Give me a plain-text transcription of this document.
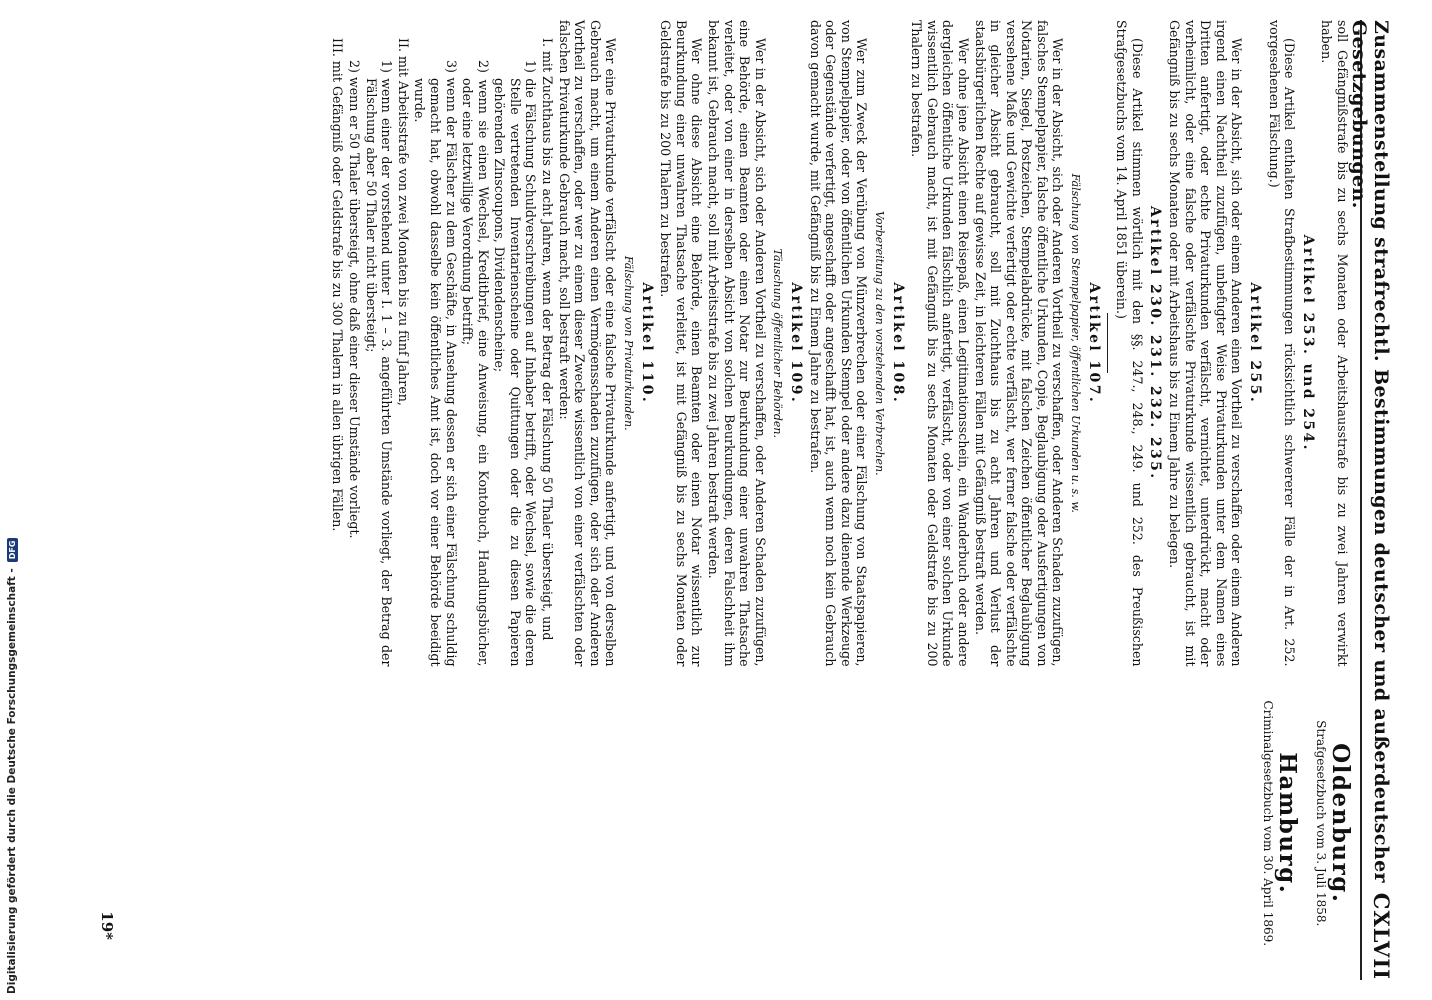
Digitalisierung gefördert durch die Deutsche Forschungsgemeinschaft -
DFG	Zusammenstellung strafrechtl. Bestimmungen deutscher und außerdeutscher Gesetzgebungen.
CXLVII

soll Gefängnißstrafe bis zu sechs Monaten oder Arbeitshausstrafe bis zu zwei Jahren verwirkt haben.

Artikel 253. und 254.

(Diese Artikel enthalten Strafbestimmungen rücksichtlich schwererer Fälle der in Art. 252. vorgesehenen Fälschung.)

Artikel 255.

Wer in der Absicht, sich oder einem Anderen einen Vortheil zu verschaffen oder einem Anderen irgend einen Nachtheil zuzufügen, unbefugter Weise Privaturkunden unter dem Namen eines Dritten anfertigt, oder echte Privaturkunden verfälscht, vernichtet, unterdrückt, macht oder verheimlicht, oder eine falsche oder verfälschte Privaturkunde wissentlich gebraucht, ist mit Gefängniß bis zu sechs Monaten oder mit Arbeitshaus bis zu Einem Jahre zu belegen.

Artikel 230. 231. 232. 235.

(Diese Artikel stimmen wörtlich mit den §§. 247., 248., 249. und 252. des Preußischen Strafgesetzbuchs vom 14. April 1851 überein.)

Artikel 107.

Fälschung von Stempelpapier, öffentlichen Urkunden u. s. w.

Wer in der Absicht, sich oder Anderen Vortheil zu verschaffen, oder Anderen Schaden zuzufügen, falsches Stempelpapier, falsche öffentliche Urkunden, Copie, Beglaubigung oder Ausfertigungen von Notarien, Siegel, Postzeichen, Stempelabdrücke, mit falschen Zeichen öffentlicher Beglaubigung versehene Maße und Gewichte verfertigt oder echte verfälscht, wer ferner falsche oder verfälschte in gleicher Absicht gebraucht, soll mit Zuchthaus bis zu acht Jahren und Verlust der staatsbürgerlichen Rechte auf gewisse Zeit, in leichteren Fällen mit Gefängniß bestraft werden.

Wer ohne jene Absicht einen Reisepaß, einen Legitimationsschein, ein Wanderbuch oder andere dergleichen öffentliche Urkunden fälschlich anfertigt, verfälscht, oder von einer solchen Urkunde wissentlich Gebrauch macht, ist mit Gefängniß bis zu sechs Monaten oder Geldstrafe bis zu 200 Thalern zu bestrafen.

Artikel 108.

Vorbereitung zu den vorstehenden Verbrechen.

Wer zum Zweck der Verübung von Münzverbrechen oder einer Fälschung von Staatspapieren, von Stempelpapier, oder von öffentlichen Urkunden Stempel oder andere dazu dienende Werkzeuge oder Gegenstände verfertigt, angeschafft oder angeschafft hat, ist, auch wenn noch kein Gebrauch davon gemacht wurde, mit Gefängniß bis zu Einem Jahre zu bestrafen.

Artikel 109.

Täuschung öffentlicher Behörden.

Wer in der Absicht, sich oder Anderen Vortheil zu verschaffen, oder Anderen Schaden zuzufügen, eine Behörde, einen Beamten oder einen Notar zur Beurkundung einer unwahren Thatsache verleitet, oder von einer in derselben Absicht von solchen Beurkundungen, deren Falschheit ihm bekannt ist, Gebrauch macht, soll mit Arbeitsstrafe bis zu zwei Jahren bestraft werden.

Wer ohne diese Absicht eine Behörde, einen Beamten oder einen Notar wissentlich zur Beurkundung einer unwahren Thatsache verleitet, ist mit Gefängniß bis zu sechs Monaten oder Geldstrafe bis zu 200 Thalern zu bestrafen.

Artikel 110.

Fälschung von Privaturkunden.

Wer eine Privaturkunde verfälscht oder eine falsche Privaturkunde anfertigt, und von derselben Gebrauch macht, um einem Anderen einen Vermögensschaden zuzufügen, oder sich oder Anderen Vortheil zu verschaffen, oder wer zu einem dieser Zwecke wissentlich von einer verfälschten oder falschen Privaturkunde Gebrauch macht, soll bestraft werden:

I. mit Zuchthaus bis zu acht Jahren, wenn der Betrag der Fälschung 50 Thaler übersteigt, und

1) die Fälschung Schuldverschreibungen auf Inhaber betrifft, oder Wechsel, sowie die deren Stelle vertretenden Inventarienscheine oder Quittungen oder die zu diesen Papieren gehörenden Zinscoupons, Dividendenscheine;

2) wenn sie einen Wechsel, Kreditbrief, eine Anweisung, ein Kontobuch, Handlungsbücher, oder eine letztwillige Verordnung betrifft;

3) wenn der Fälscher zu dem Geschäfte, in Ansehung dessen er sich einer Fälschung schuldig gemacht hat, obwohl dasselbe kein öffentliches Amt ist, doch vor einer Behörde beeidigt wurde.

II. mit Arbeitsstrafe von zwei Monaten bis zu fünf Jahren,

1) wenn einer der vorstehend unter I. 1 – 3. angeführten Umstände vorliegt, der Betrag der Fälschung aber 50 Thaler nicht übersteigt;

2) wenn er 50 Thaler übersteigt, ohne daß einer dieser Umstände vorliegt.

III. mit Gefängniß oder Geldstrafe bis zu 300 Thalern in allen übrigen Fällen.

Oldenburg.
Strafgesetzbuch vom 3. Juli 1858.
Hamburg.
Criminalgesetzbuch vom 30. April 1869.
19*
